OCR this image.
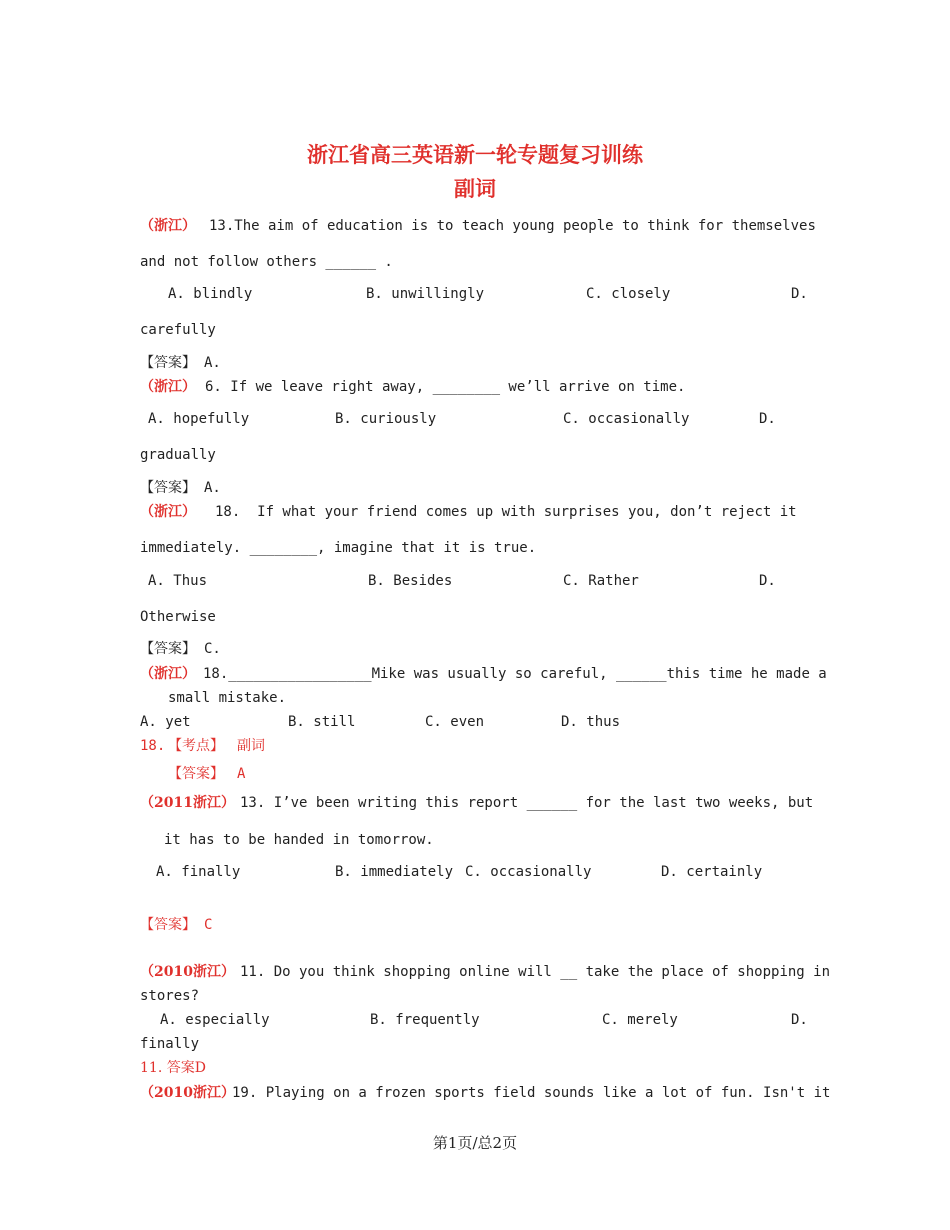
浙江省高三英语新一轮专题复习训练
副词
（浙江） 13.The aim of education is to teach young people to think for themselves
and not follow others ______ .
A. blindly	B. unwillingly	C. closely	D.
carefully
【答案】 A.
（浙江） 6. If we leave right away, ________ we’ll arrive on time.
A. hopefully	B. curiously	C. occasionally	D.
gradually
【答案】 A.
（浙江） 18.  If what your friend comes up with surprises you, don’t reject it
immediately. ________, imagine that it is true.
A. Thus	B. Besides	C. Rather	D.
Otherwise
【答案】 C.
（浙江） 18._________________Mike was usually so careful, ______this time he made a
small mistake.
A. yet	B. still	C. even	D. thus
18. 【考点】 副词
【答案】 A
（2011浙江） 13. I’ve been writing this report ______ for the last two weeks, but
it has to be handed in tomorrow.
A. finally	B. immediately C. occasionally	D. certainly
【答案】 C
（2010浙江） 11. Do you think shopping online will __ take the place of shopping in
stores?
A. especially	B. frequently	C. merely	D.
finally
11. 答案D
（2010浙江）
19. Playing on a frozen sports field sounds like a lot of fun. Isn't it
第1页/总2页
